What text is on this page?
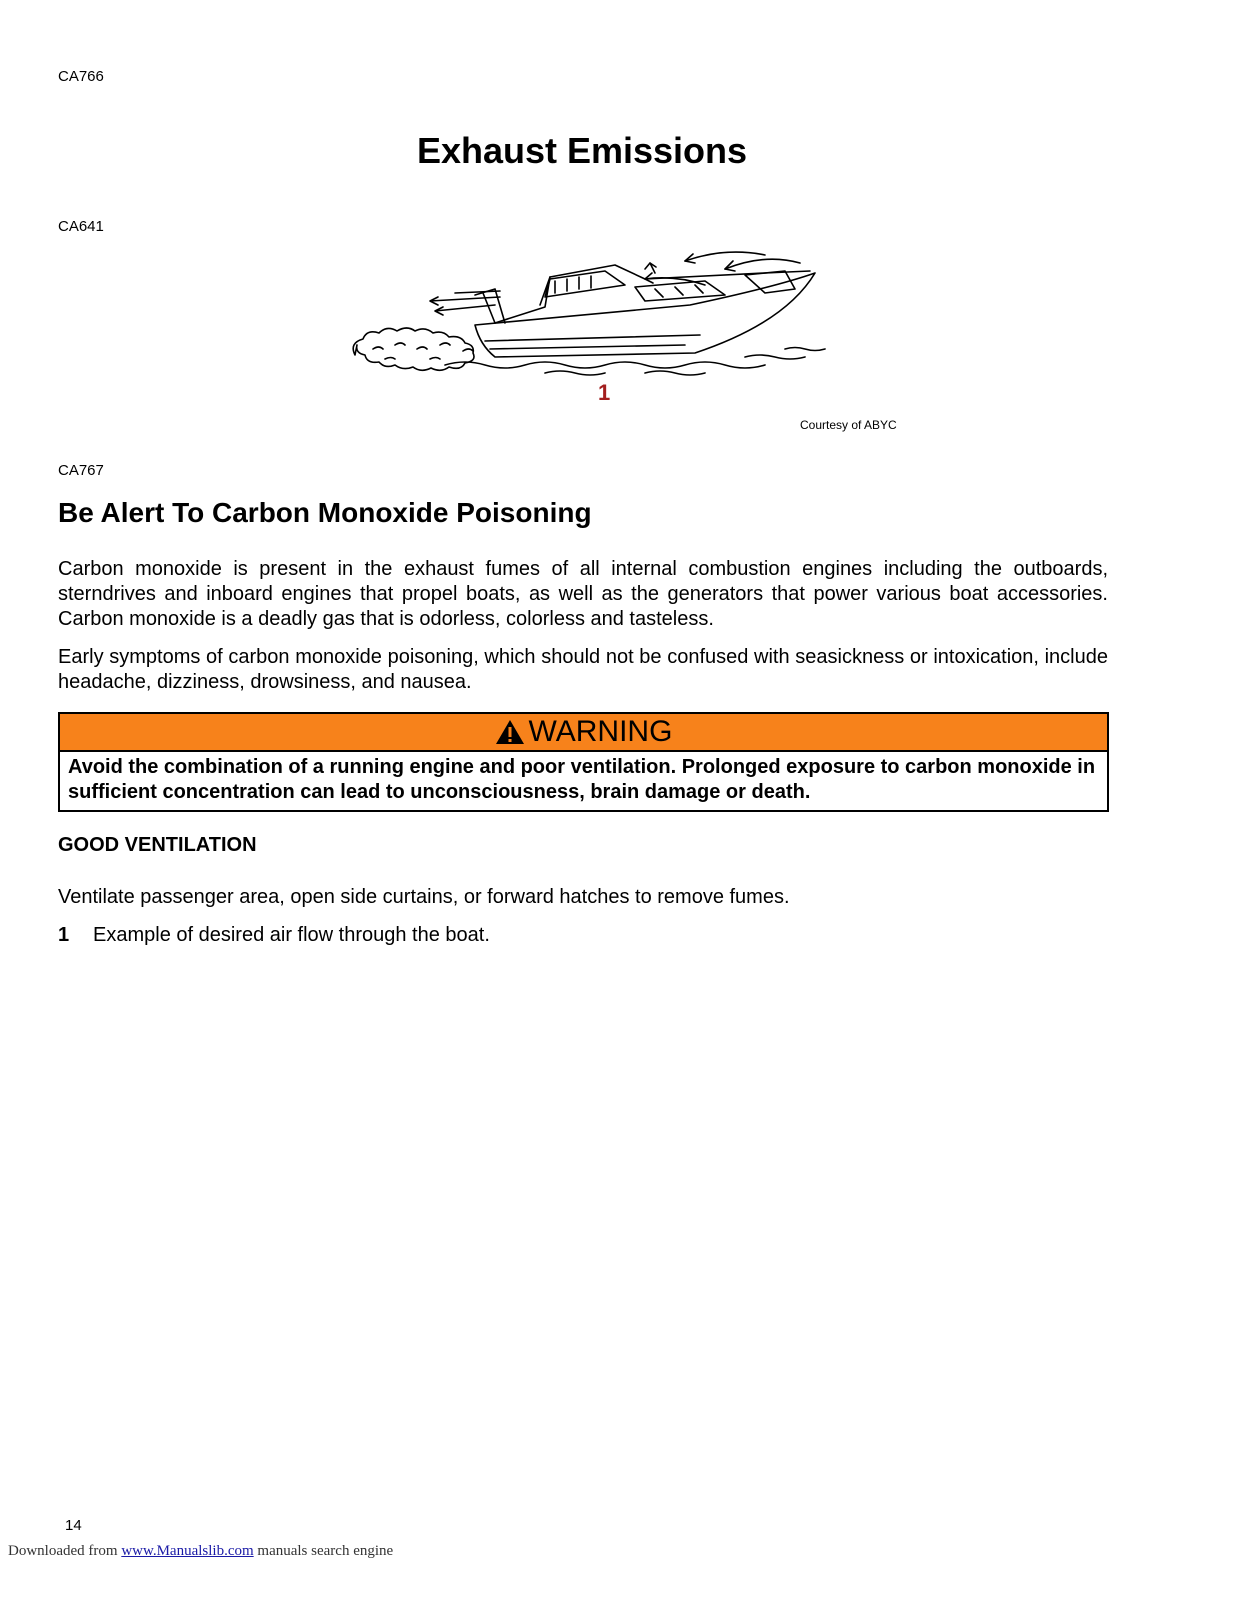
CA766
Exhaust Emissions
CA641
1
Courtesy of ABYC
CA767
Be Alert To Carbon Monoxide Poisoning
Carbon monoxide is present in the exhaust fumes of all internal combustion engines including the outboards, sterndrives and inboard engines that propel boats, as well as the generators that power various boat accessories. Carbon monoxide is a deadly gas that is odorless, colorless and tasteless.
Early symptoms of carbon monoxide poisoning, which should not be confused with seasickness or intoxication, include headache, dizziness, drowsiness, and nausea.
WARNING
Avoid the combination of a running engine and poor ventilation. Prolonged exposure to carbon monoxide in sufficient concentration can lead to unconsciousness, brain damage or death.
GOOD VENTILATION
Ventilate passenger area, open side curtains, or forward hatches to remove fumes.
1 Example of desired air flow through the boat.
14
Downloaded from www.Manualslib.com manuals search engine
